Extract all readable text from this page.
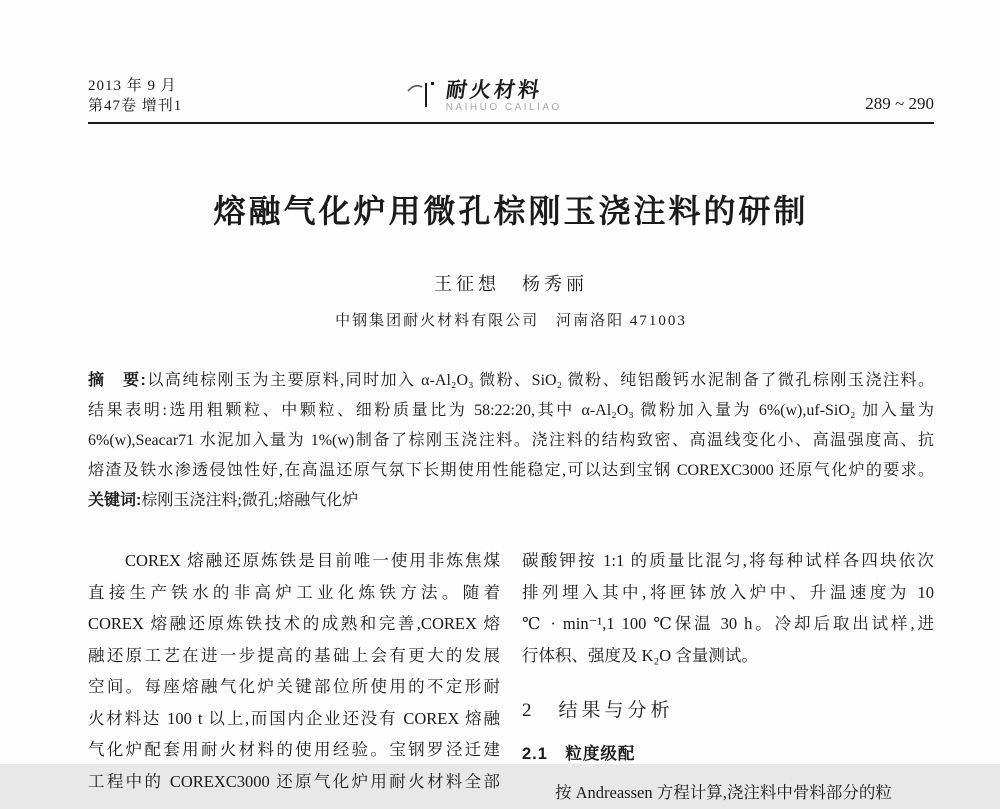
2013 年 9 月
第47卷 增刊1
耐火材料
NAIHUO CAILIAO	289 ~ 290
熔融气化炉用微孔棕刚玉浇注料的研制
王征想　杨秀丽
中钢集团耐火材料有限公司　河南洛阳 471003
摘　要:以高纯棕刚玉为主要原料,同时加入 α-Al₂O₃ 微粉、SiO₂ 微粉、纯铝酸钙水泥制备了微孔棕刚玉浇注料。
结果表明:选用粗颗粒、中颗粒、细粉质量比为 58:22:20,其中 α-Al₂O₃ 微粉加入量为 6%(w),uf-SiO₂ 加入量为
6%(w),Seacar71 水泥加入量为 1%(w)制备了棕刚玉浇注料。浇注料的结构致密、高温线变化小、高温强度高、抗
熔渣及铁水渗透侵蚀性好,在高温还原气氛下长期使用性能稳定,可以达到宝钢 COREXC3000 还原气化炉的要求。
关键词:棕刚玉浇注料;微孔;熔融气化炉
　　COREX 熔融还原炼铁是目前唯一使用非炼焦煤
直接生产铁水的非高炉工业化炼铁方法。随着
COREX 熔融还原炼铁技术的成熟和完善,COREX 熔
融还原工艺在进一步提高的基础上会有更大的发展
空间。每座熔融气化炉关键部位所使用的不定形耐
火材料达 100 t 以上,而国内企业还没有 COREX 熔融
气化炉配套用耐火材料的使用经验。宝钢罗泾迁建
工程中的 COREXC3000 还原气化炉用耐火材料全部
碳酸钾按 1:1 的质量比混匀,将每种试样各四块依次
排列埋入其中,将匣钵放入炉中、升温速度为 10
℃ · min⁻¹,1 100 ℃保温 30 h。冷却后取出试样,进
行体积、强度及 K₂O 含量测试。
2　结果与分析
2.1　粒度级配
　　按 Andreassen 方程计算,浇注料中骨料部分的粒
